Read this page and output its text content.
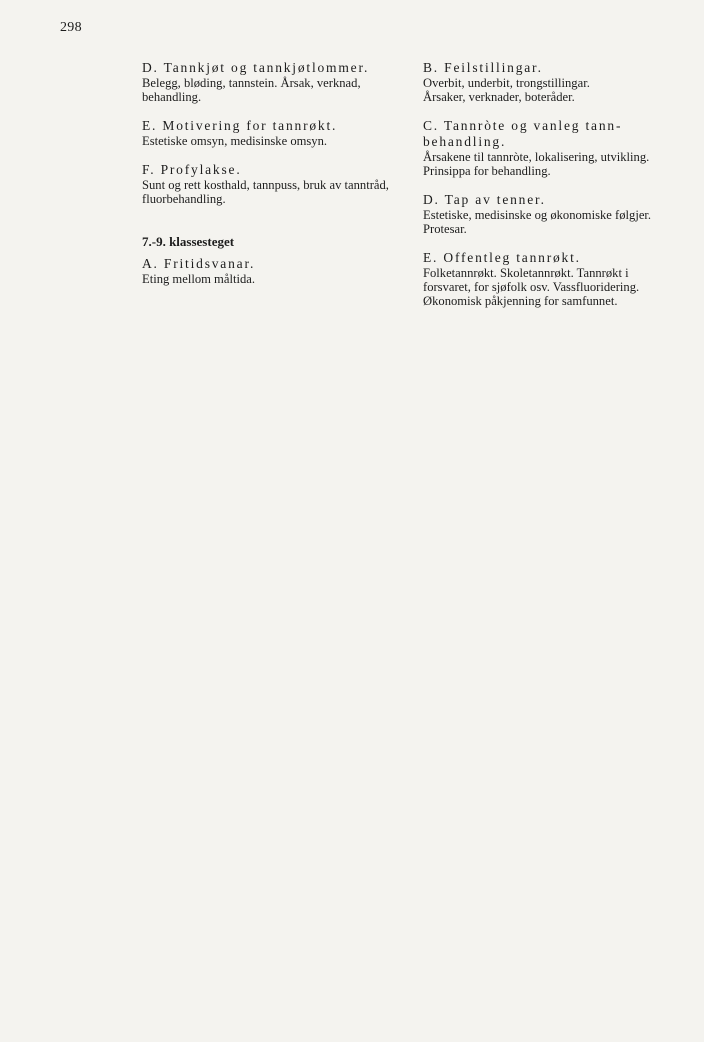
298
D. Tannkjøt og tannkjøtlommer.

Belegg, bløding, tannstein. Årsak, verknad, behandling.

E. Motivering for tannrøkt.

Estetiske omsyn, medisinske omsyn.

F. Profylakse.

Sunt og rett kosthald, tannpuss, bruk av tanntråd, fluorbehandling.

7.-9. klassesteget
A. Fritidsvanar.

Eting mellom måltida.

B. Feilstillingar.

Overbit, underbit, trongstillingar.

Årsaker, verknader, boteråder.

C. Tannròte og vanleg tann-behandling.

Årsakene til tannròte, lokalisering, utvikling.

Prinsippa for behandling.

D. Tap av tenner.

Estetiske, medisinske og økonomiske følgjer.

Protesar.

E. Offentleg tannrøkt.

Folketannrøkt. Skoletannrøkt. Tannrøkt i forsvaret, for sjøfolk osv. Vassfluoridering.

Økonomisk påkjenning for samfunnet.
